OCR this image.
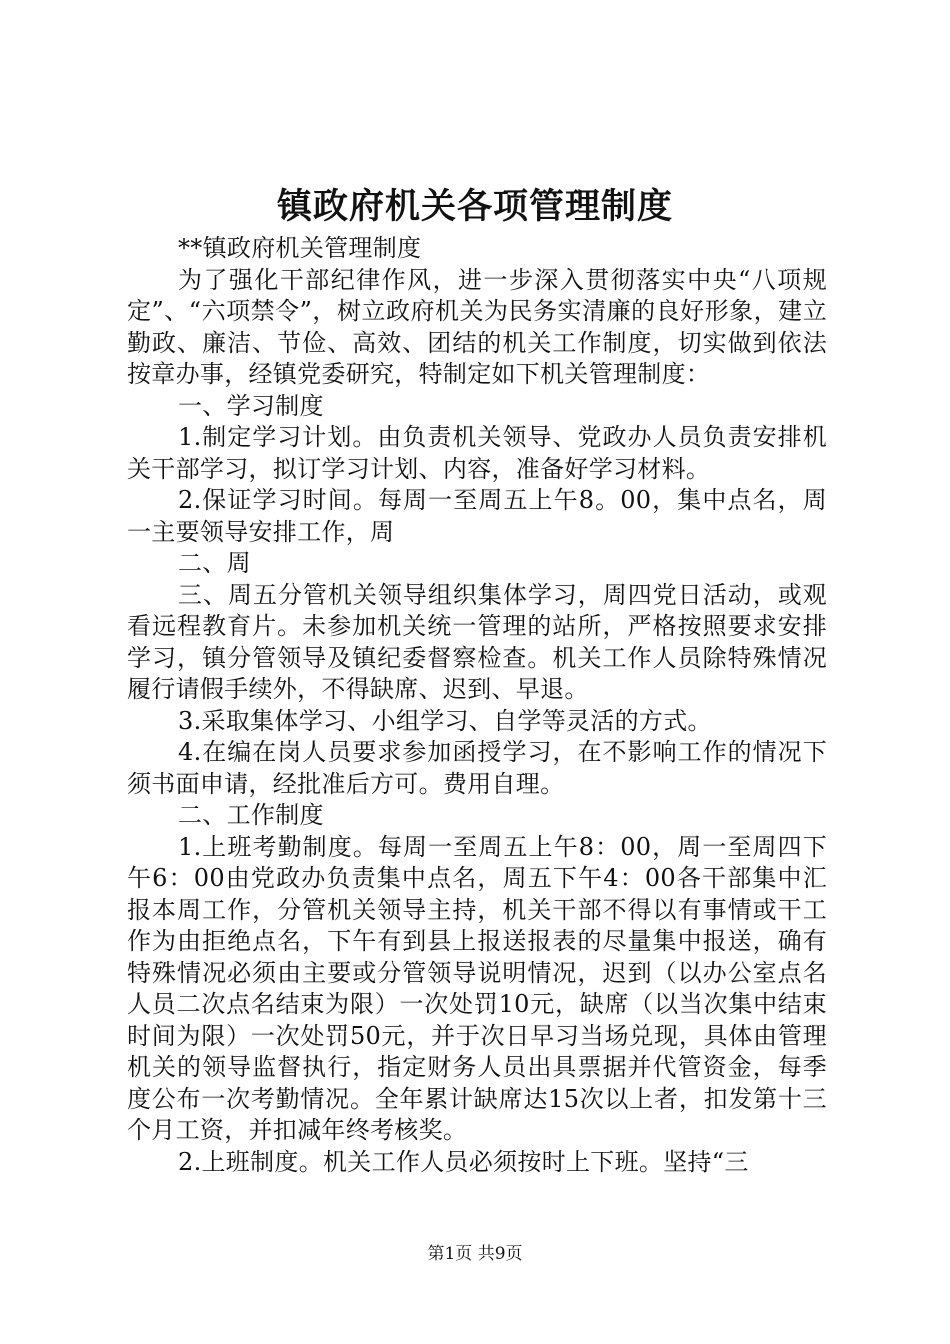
镇政府机关各项管理制度

**镇政府机关管理制度

为了强化干部纪律作风，进一步深入贯彻落实中央“八项规定”、“六项禁令”，树立政府机关为民务实清廉的良好形象，建立勤政、廉洁、节俭、高效、团结的机关工作制度，切实做到依法按章办事，经镇党委研究，特制定如下机关管理制度：

一、学习制度

1.制定学习计划。由负责机关领导、党政办人员负责安排机关干部学习，拟订学习计划、内容，准备好学习材料。

2.保证学习时间。每周一至周五上午8。00，集中点名，周一主要领导安排工作，周

二、周

三、周五分管机关领导组织集体学习，周四党日活动，或观看远程教育片。未参加机关统一管理的站所，严格按照要求安排学习，镇分管领导及镇纪委督察检查。机关工作人员除特殊情况履行请假手续外，不得缺席、迟到、早退。

3.采取集体学习、小组学习、自学等灵活的方式。

4.在编在岗人员要求参加函授学习，在不影响工作的情况下须书面申请，经批准后方可。费用自理。

二、工作制度

1.上班考勤制度。每周一至周五上午8：00，周一至周四下午6：00由党政办负责集中点名，周五下午4：00各干部集中汇报本周工作，分管机关领导主持，机关干部不得以有事情或干工作为由拒绝点名，下午有到县上报送报表的尽量集中报送，确有特殊情况必须由主要或分管领导说明情况，迟到（以办公室点名人员二次点名结束为限）一次处罚10元，缺席（以当次集中结束时间为限）一次处罚50元，并于次日早习当场兑现，具体由管理机关的领导监督执行，指定财务人员出具票据并代管资金，每季度公布一次考勤情况。全年累计缺席达15次以上者，扣发第十三个月工资，并扣减年终考核奖。

2.上班制度。机关工作人员必须按时上下班。坚持“三

第1页 共9页
